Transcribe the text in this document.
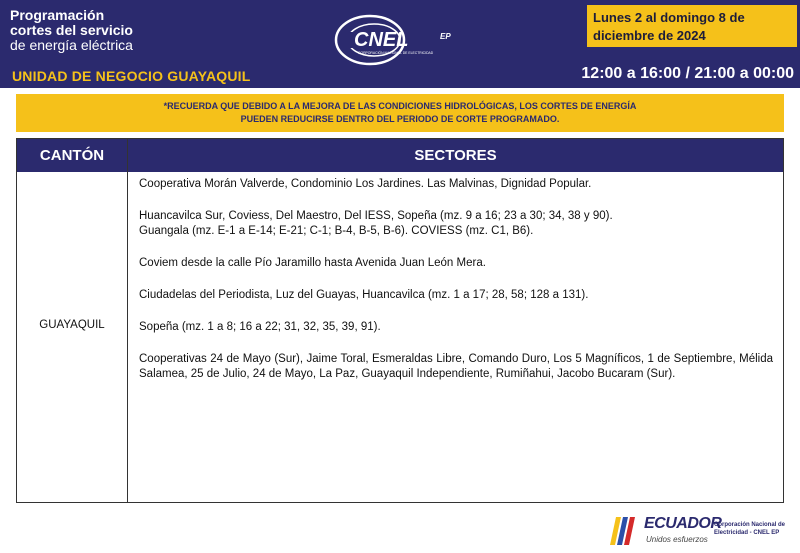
Programación
cortes del servicio
de energía eléctrica
UNIDAD DE NEGOCIO GUAYAQUIL
CNEL	EP
CORPORACIÓN NACIONAL DE ELECTRICIDAD
Lunes 2 al domingo 8 de diciembre de 2024
12:00 a 16:00 / 21:00 a 00:00
*RECUERDA QUE DEBIDO A LA MEJORA DE LAS CONDICIONES HIDROLÓGICAS, LOS CORTES DE ENERGÍA
PUEDEN REDUCIRSE DENTRO DEL PERIODO DE CORTE PROGRAMADO.
CANTÓN	SECTORES
GUAYAQUIL

Cooperativa Morán Valverde, Condominio Los Jardines. Las Malvinas, Dignidad Popular.

Huancavilca Sur, Coviess, Del Maestro, Del IESS, Sopeña (mz. 9 a 16; 23 a 30; 34, 38 y 90).
Guangala (mz. E-1 a E-14; E-21; C-1; B-4, B-5, B-6). COVIESS (mz. C1, B6).

Coviem desde la calle Pío Jaramillo hasta Avenida Juan León Mera.

Ciudadelas del Periodista, Luz del Guayas, Huancavilca (mz. 1 a 17; 28, 58; 128 a 131).

Sopeña (mz. 1 a 8; 16 a 22; 31, 32, 35, 39, 91).

Cooperativas 24 de Mayo (Sur), Jaime Toral, Esmeraldas Libre, Comando Duro, Los 5 Magníficos, 1 de Septiembre, Mélida Salamea, 25 de Julio, 24 de Mayo, La Paz, Guayaquil Independiente, Rumiñahui, Jacobo Bucaram (Sur).

ECUADOR
Unidos esfuerzos
Corporación Nacional de Electricidad - CNEL EP
